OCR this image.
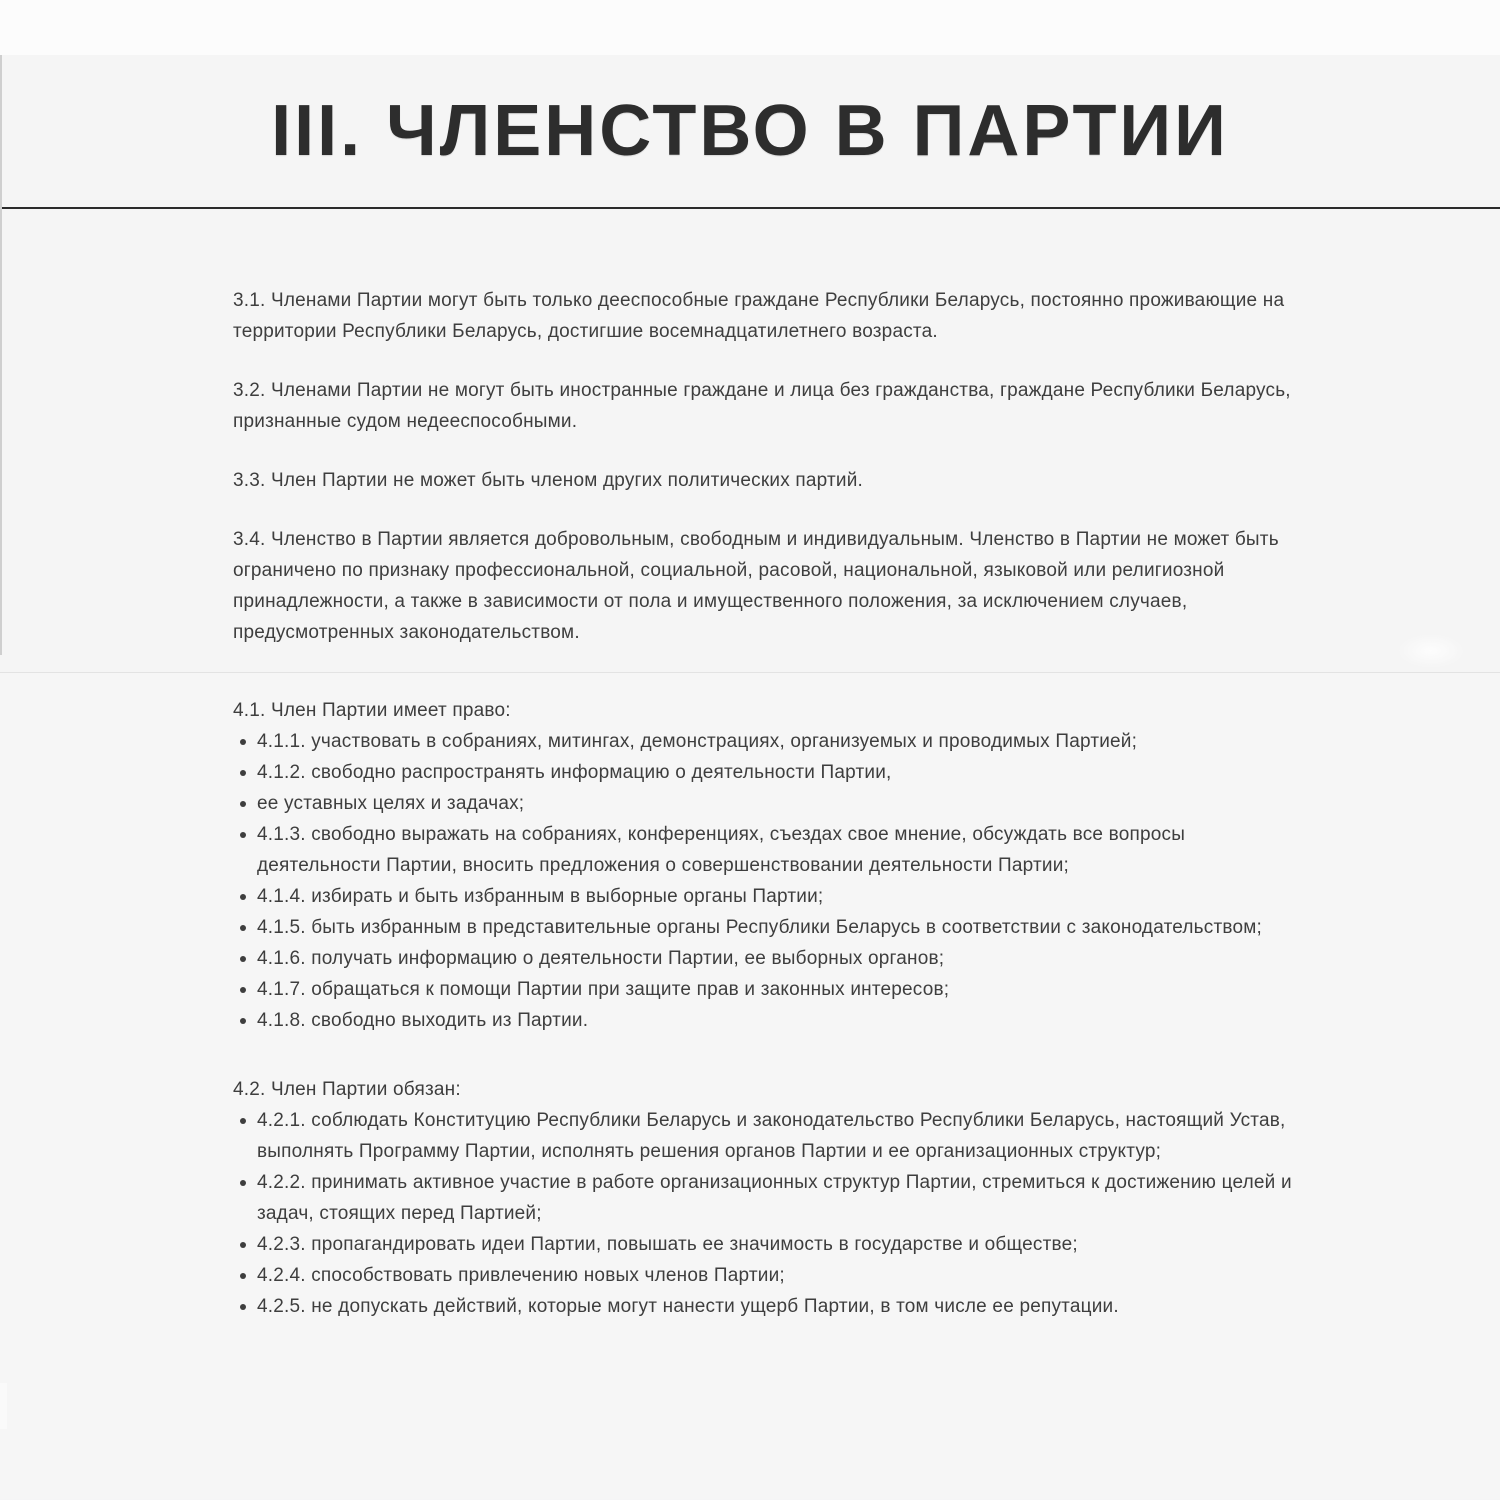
III. ЧЛЕНСТВО В ПАРТИИ

3.1. Членами Партии могут быть только дееспособные граждане Республики Беларусь, постоянно проживающие на территории Республики Беларусь, достигшие восемнадцатилетнего возраста.

3.2. Членами Партии не могут быть иностранные граждане и лица без гражданства, граждане Республики Беларусь, признанные судом недееспособными.

3.3. Член Партии не может быть членом других политических партий.

3.4. Членство в Партии является добровольным, свободным и индивидуальным. Членство в Партии не может быть ограничено по признаку профессиональной, социальной, расовой, национальной, языковой или религиозной принадлежности, а также в зависимости от пола и имущественного положения, за исключением случаев, предусмотренных законодательством.

4.1. Член Партии имеет право:

4.1.1. участвовать в собраниях, митингах, демонстрациях, организуемых и проводимых Партией;
4.1.2. свободно распространять информацию о деятельности Партии,
ее уставных целях и задачах;
4.1.3. свободно выражать на собраниях, конференциях, съездах свое мнение, обсуждать все вопросы деятельности Партии, вносить предложения о совершенствовании деятельности Партии;
4.1.4. избирать и быть избранным в выборные органы Партии;
4.1.5. быть избранным в представительные органы Республики Беларусь в соответствии с законодательством;
4.1.6. получать информацию о деятельности Партии, ее выборных органов;
4.1.7. обращаться к помощи Партии при защите прав и законных интересов;
4.1.8. свободно выходить из Партии.

4.2. Член Партии обязан:

4.2.1. соблюдать Конституцию Республики Беларусь и законодательство Республики Беларусь, настоящий Устав, выполнять Программу Партии, исполнять решения органов Партии и ее организационных структур;
4.2.2. принимать активное участие в работе организационных структур Партии, стремиться к достижению целей и задач, стоящих перед Партией;
4.2.3. пропагандировать идеи Партии, повышать ее значимость в государстве и обществе;
4.2.4. способствовать привлечению новых членов Партии;
4.2.5. не допускать действий, которые могут нанести ущерб Партии, в том числе ее репутации.
